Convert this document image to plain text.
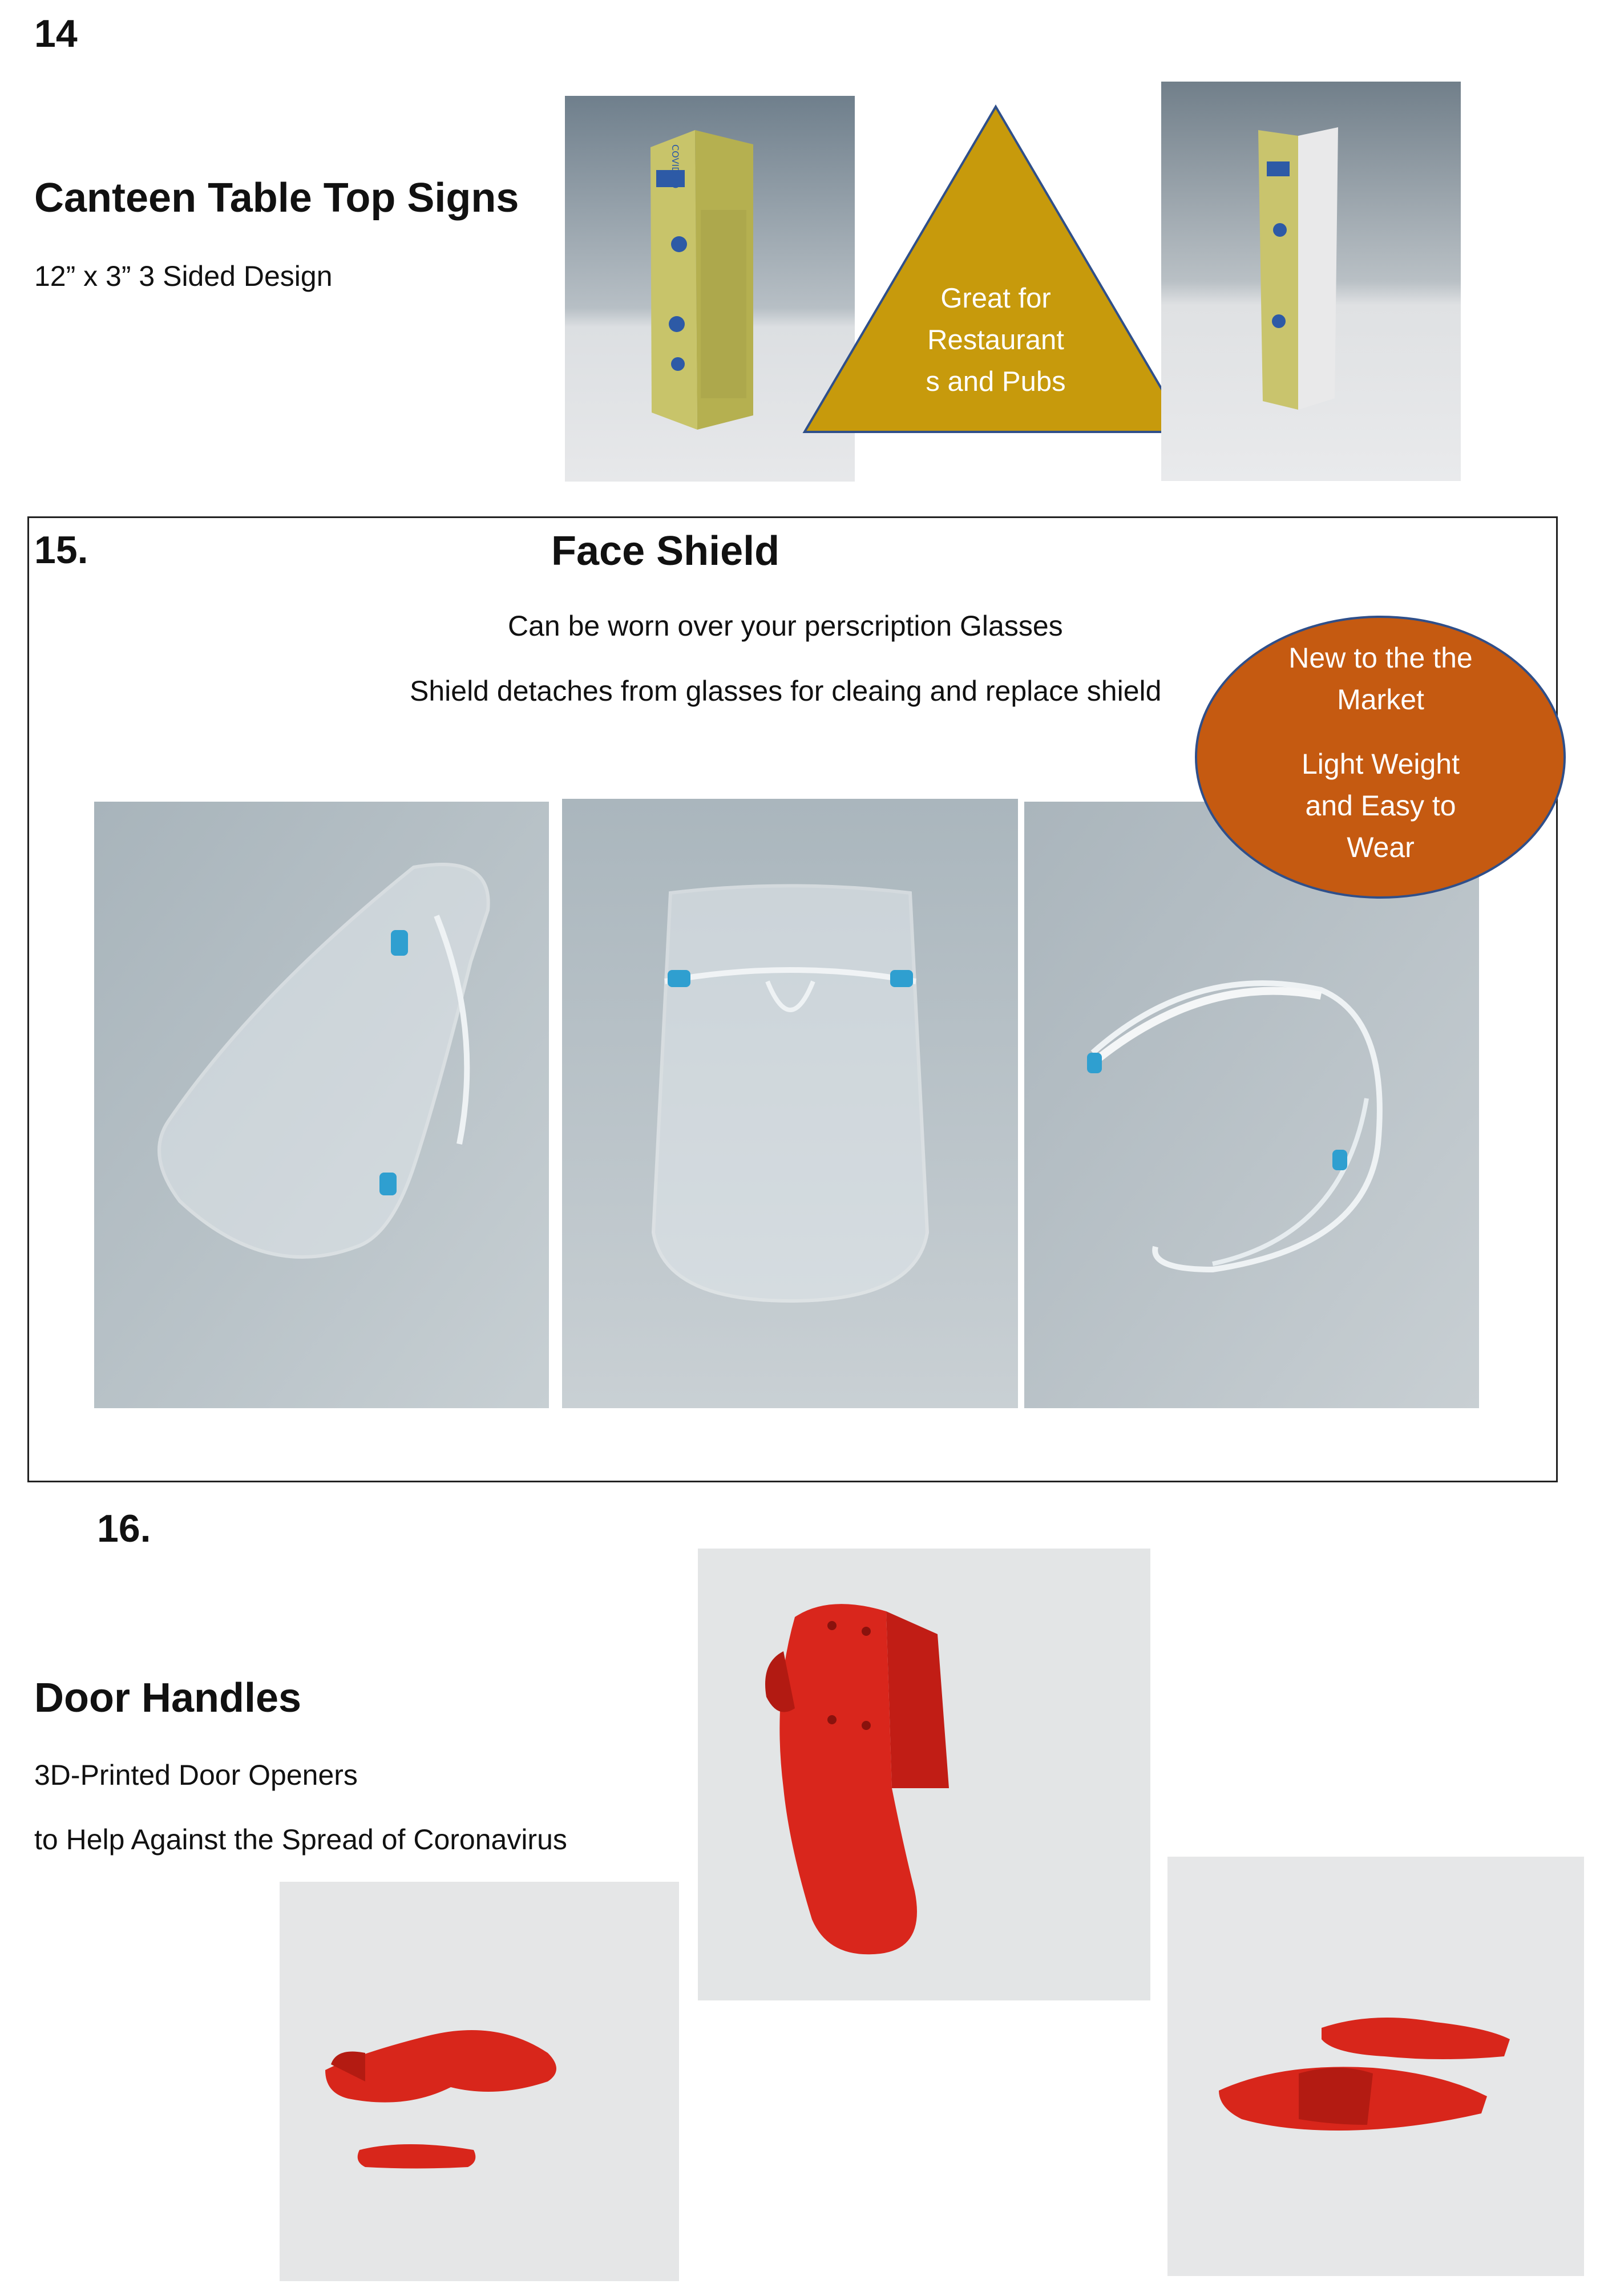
14
Canteen Table Top Signs
12” x 3” 3 Sided Design
COVID-19
Great for
Restaurant
s and Pubs
15.	Face Shield
Can be worn over your perscription Glasses
Shield detaches from glasses for cleaing and replace shield
New to the the
Market
Light Weight
and Easy to
Wear
16.
Door Handles
3D-Printed Door Openers
to Help Against the Spread of Coronavirus
